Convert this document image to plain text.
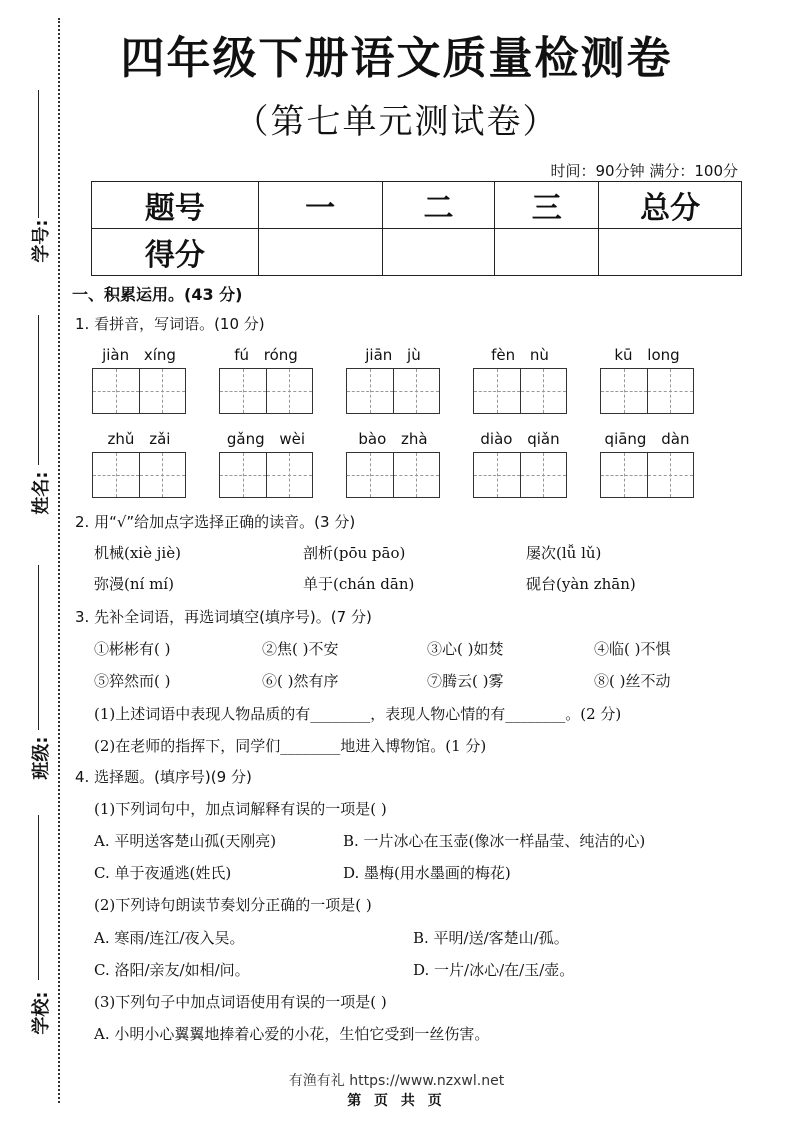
学号:
姓名:
班级:
学校:
四年级下册语文质量检测卷
（第七单元测试卷）
时间：90分钟 满分：100分
题号	一	二	三	总分
得分				
一、积累运用。(43 分)
1. 看拼音，写词语。(10 分)
jiàn xíng	fú róng	jiān jù	fèn nù	kū long
zhǔ zǎi	gǎng wèi	bào zhà	diào qiǎn	qiāng dàn
2. 用“√”给加点字选择正确的读音。(3 分)
机械(xiè jiè)	剖析(pōu pāo)	屡次(lǚ lǔ)
弥漫(ní mí)	单于(chán dān)	砚台(yàn zhān)
3. 先补全词语，再选词填空(填序号)。(7 分)
①彬彬有( )	②焦( )不安	③心( )如焚	④临( )不惧
⑤猝然而( )	⑥( )然有序	⑦腾云( )雾	⑧( )丝不动
(1)上述词语中表现人物品质的有________，表现人物心情的有________。(2 分)
(2)在老师的指挥下，同学们________地进入博物馆。(1 分)
4. 选择题。(填序号)(9 分)
(1)下列词句中，加点词解释有误的一项是( )
A. 平明送客楚山孤(天刚亮)	B. 一片冰心在玉壶(像冰一样晶莹、纯洁的心)
C. 单于夜遁逃(姓氏)	D. 墨梅(用水墨画的梅花)
(2)下列诗句朗读节奏划分正确的一项是( )
A. 寒雨/连江/夜入吴。	B. 平明/送/客楚山/孤。
C. 洛阳/亲友/如相/问。	D. 一片/冰心/在/玉/壶。
(3)下列句子中加点词语使用有误的一项是( )
A. 小明小心翼翼地捧着心爱的小花，生怕它受到一丝伤害。
有渔有礼 https://www.nzxwl.net
第 页 共 页
